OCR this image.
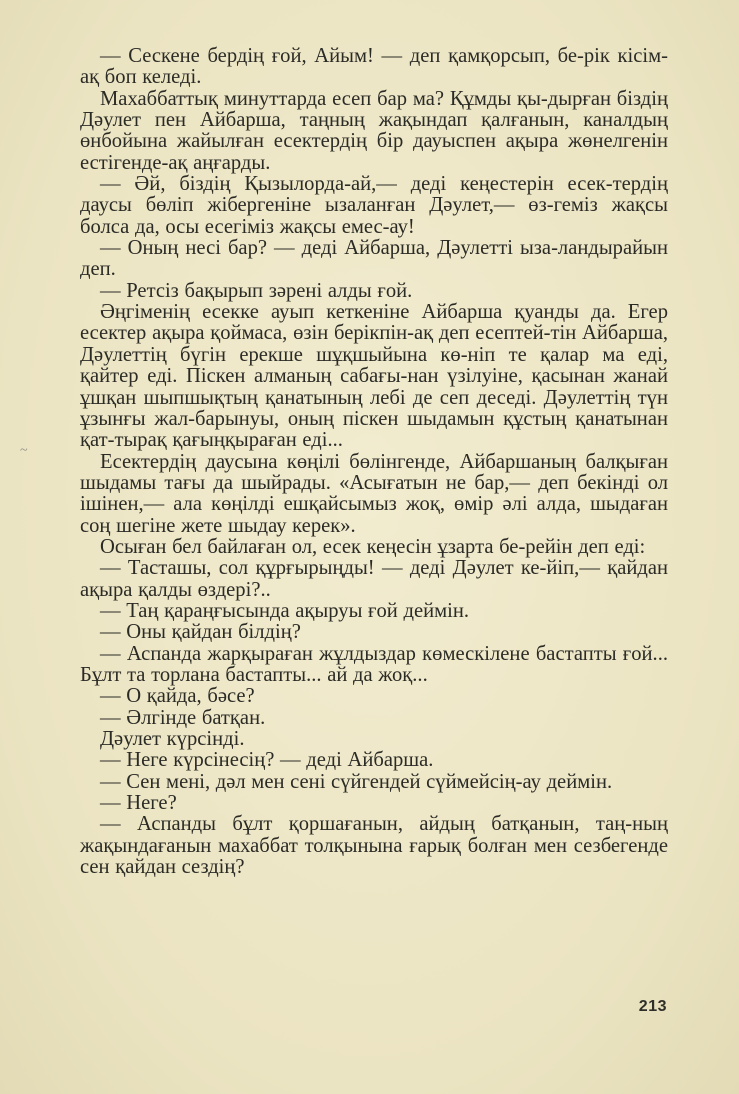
~

— Сескене бердің ғой, Айым! — деп қамқорсып, бе-рік кісім-ақ боп келеді.

Махаббаттық минуттарда есеп бар ма? Құмды қы-дырған біздің Дәулет пен Айбарша, таңның жақындап қалғанын, каналдың өнбойына жайылған есектердің бір дауыспен ақыра жөнелгенін естігенде-ақ аңғарды.

— Әй, біздің Қызылорда-ай,— деді кеңестерін есек-тердің даусы бөліп жібергеніне ызаланған Дәулет,— өз-геміз жақсы болса да, осы есегіміз жақсы емес-ау!

— Оның несі бар? — деді Айбарша, Дәулетті ыза-ландырайын деп.

— Ретсіз бақырып зәрені алды ғой.

Әңгіменің есекке ауып кеткеніне Айбарша қуанды да. Егер есектер ақыра қоймаса, өзін берікпін-ақ деп есептей-тін Айбарша, Дәулеттің бүгін ерекше шұқшыйына кө-ніп те қалар ма еді, қайтер еді. Піскен алманың сабағы-нан үзілуіне, қасынан жанай ұшқан шыпшықтың қанатының лебі де сеп деседі. Дәулеттің түн ұзынғы жал-барынуы, оның піскен шыдамын құстың қанатынан қат-тырақ қағыңқыраған еді...

Есектердің даусына көңілі бөлінгенде, Айбаршаның балқыған шыдамы тағы да шыйрады. «Асығатын не бар,— деп бекінді ол ішінен,— ала көңілді ешқайсымыз жоқ, өмір әлі алда, шыдаған соң шегіне жете шыдау керек».

Осыған бел байлаған ол, есек кеңесін ұзарта бе-рейін деп еді:

— Тасташы, сол құрғырыңды! — деді Дәулет ке-йіп,— қайдан ақыра қалды өздері?..

— Таң қараңғысында ақыруы ғой деймін.

— Оны қайдан білдің?

— Аспанда жарқыраған жұлдыздар көмескілене бастапты ғой... Бұлт та торлана бастапты... ай да жоқ...

— О қайда, бәсе?

— Әлгінде батқан.

Дәулет күрсінді.

— Неге күрсінесің? — деді Айбарша.

— Сен мені, дәл мен сені сүйгендей сүймейсің-ау деймін.

— Неге?

— Аспанды бұлт қоршағанын, айдың батқанын, таң-ның жақындағанын махаббат толқынына ғарық болған мен сезбегенде сен қайдан сездің?

213
